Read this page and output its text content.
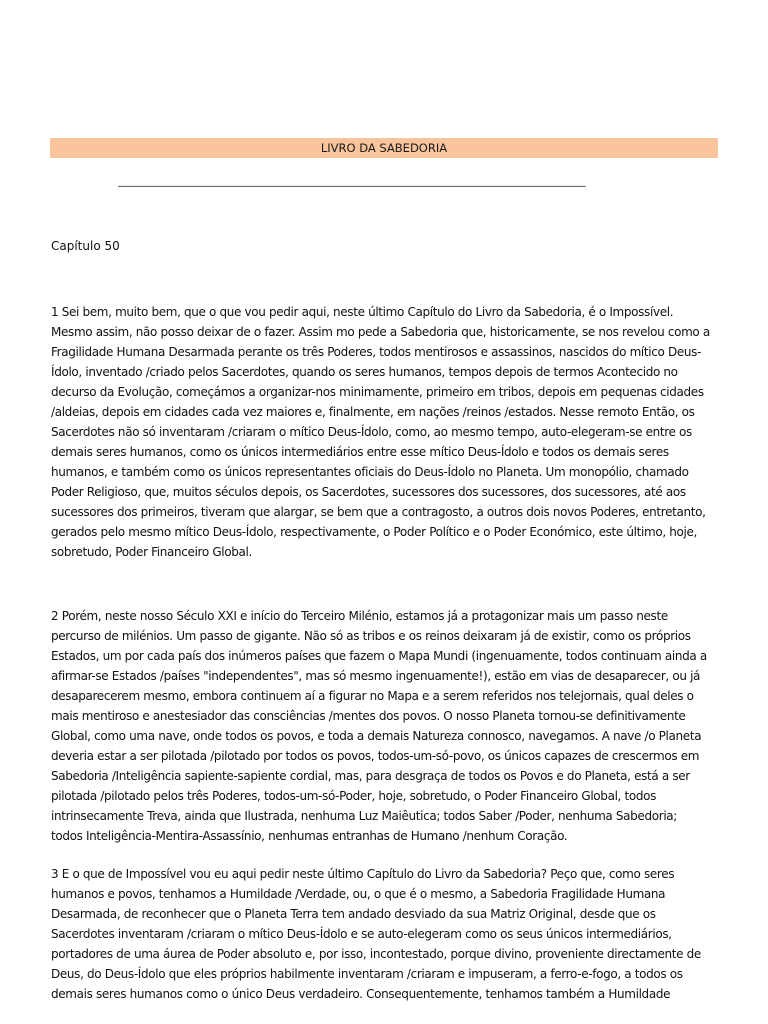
LIVRO DA SABEDORIA
_____________________________________________________________________________________
Capítulo 50
1 Sei bem, muito bem, que o que vou pedir aqui, neste último Capítulo do Livro da Sabedoria, é o Impossível.
Mesmo assim, não posso deixar de o fazer. Assim mo pede a Sabedoria que, historicamente, se nos revelou como a
Fragilidade Humana Desarmada perante os três Poderes, todos mentirosos e assassinos, nascidos do mítico Deus-
Ídolo, inventado /criado pelos Sacerdotes, quando os seres humanos, tempos depois de termos Acontecido no
decurso da Evolução, começámos a organizar-nos minimamente, primeiro em tribos, depois em pequenas cidades
/aldeias, depois em cidades cada vez maiores e, finalmente, em nações /reinos /estados. Nesse remoto Então, os
Sacerdotes não só inventaram /criaram o mítico Deus-Ídolo, como, ao mesmo tempo, auto-elegeram-se entre os
demais seres humanos, como os únicos intermediários entre esse mítico Deus-Ídolo e todos os demais seres
humanos, e também como os únicos representantes oficiais do Deus-Ídolo no Planeta. Um monopólio, chamado
Poder Religioso, que, muitos séculos depois, os Sacerdotes, sucessores dos sucessores, dos sucessores, até aos
sucessores dos primeiros, tiveram que alargar, se bem que a contragosto, a outros dois novos Poderes, entretanto,
gerados pelo mesmo mítico Deus-Ídolo, respectivamente, o Poder Político e o Poder Económico, este último, hoje,
sobretudo, Poder Financeiro Global.
2 Porém, neste nosso Século XXI e início do Terceiro Milénio, estamos já a protagonizar mais um passo neste
percurso de milénios. Um passo de gigante. Não só as tribos e os reinos deixaram já de existir, como os próprios
Estados, um por cada país dos inúmeros países que fazem o Mapa Mundi (ingenuamente, todos continuam ainda a
afirmar-se Estados /países "independentes", mas só mesmo ingenuamente!), estão em vias de desaparecer, ou já
desaparecerem mesmo, embora continuem aí a figurar no Mapa e a serem referidos nos telejornais, qual deles o
mais mentiroso e anestesiador das consciências /mentes dos povos. O nosso Planeta tornou-se definitivamente
Global, como uma nave, onde todos os povos, e toda a demais Natureza connosco, navegamos. A nave /o Planeta
deveria estar a ser pilotada /pilotado por todos os povos, todos-um-só-povo, os únicos capazes de crescermos em
Sabedoria /Inteligência sapiente-sapiente cordial, mas, para desgraça de todos os Povos e do Planeta, está a ser
pilotada /pilotado pelos três Poderes, todos-um-só-Poder, hoje, sobretudo, o Poder Financeiro Global, todos
intrinsecamente Treva, ainda que Ilustrada, nenhuma Luz Maiêutica; todos Saber /Poder, nenhuma Sabedoria;
todos Inteligência-Mentira-Assassínio, nenhumas entranhas de Humano /nenhum Coração.
3 E o que de Impossível vou eu aqui pedir neste último Capítulo do Livro da Sabedoria? Peço que, como seres
humanos e povos, tenhamos a Humildade /Verdade, ou, o que é o mesmo, a Sabedoria Fragilidade Humana
Desarmada, de reconhecer que o Planeta Terra tem andado desviado da sua Matriz Original, desde que os
Sacerdotes inventaram /criaram o mítico Deus-Ídolo e se auto-elegeram como os seus únicos intermediários,
portadores de uma áurea de Poder absoluto e, por isso, incontestado, porque divino, proveniente directamente de
Deus, do Deus-Ídolo que eles próprios habilmente inventaram /criaram e impuseram, a ferro-e-fogo, a todos os
demais seres humanos como o único Deus verdadeiro. Consequentemente, tenhamos também a Humildade
